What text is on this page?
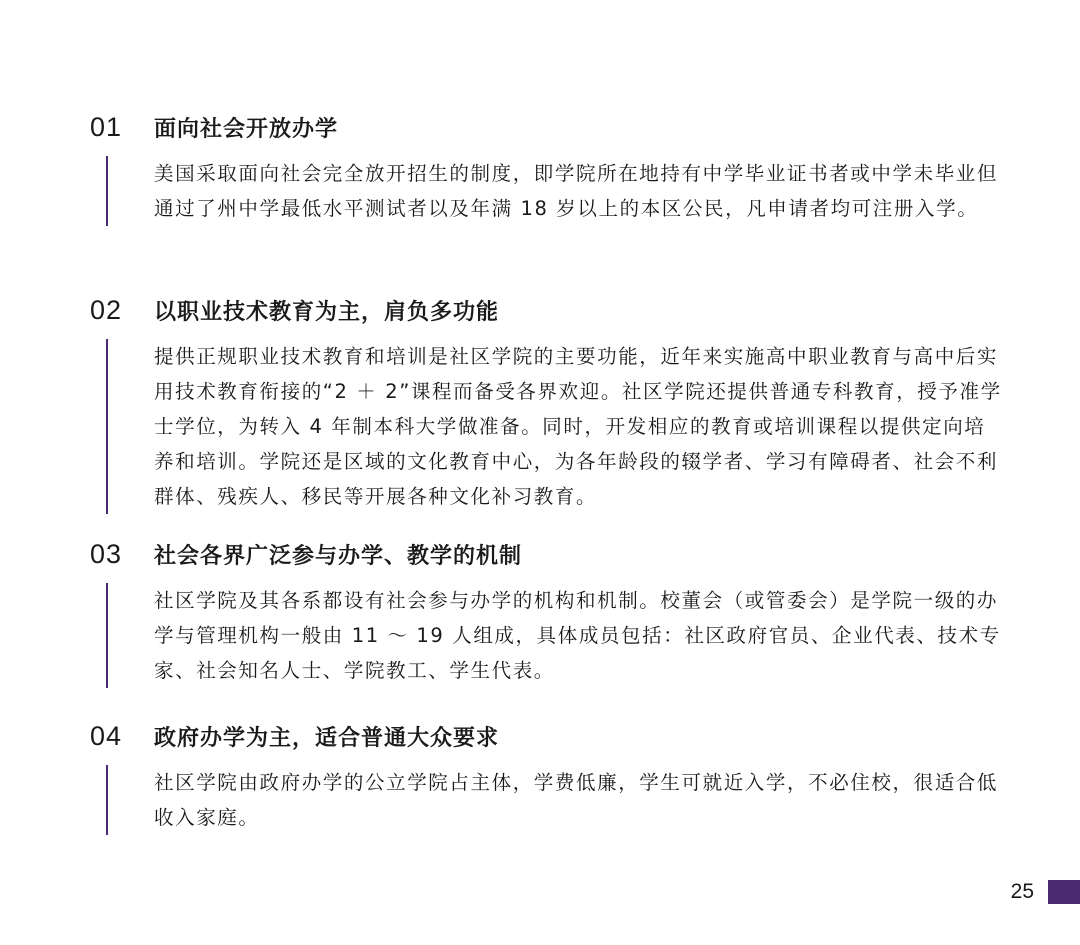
01	面向社会开放办学

美国采取面向社会完全放开招生的制度，即学院所在地持有中学毕业证书者或中学未毕业但通过了州中学最低水平测试者以及年满 18 岁以上的本区公民，凡申请者均可注册入学。

02	以职业技术教育为主，肩负多功能

提供正规职业技术教育和培训是社区学院的主要功能，近年来实施高中职业教育与高中后实用技术教育衔接的“2 ＋ 2”课程而备受各界欢迎。社区学院还提供普通专科教育，授予准学士学位，为转入 4 年制本科大学做准备。同时，开发相应的教育或培训课程以提供定向培养和培训。学院还是区域的文化教育中心，为各年龄段的辍学者、学习有障碍者、社会不利群体、残疾人、移民等开展各种文化补习教育。

03	社会各界广泛参与办学、教学的机制

社区学院及其各系都设有社会参与办学的机构和机制。校董会（或管委会）是学院一级的办学与管理机构一般由 11 ～ 19 人组成，具体成员包括：社区政府官员、企业代表、技术专家、社会知名人士、学院教工、学生代表。

04	政府办学为主，适合普通大众要求

社区学院由政府办学的公立学院占主体，学费低廉，学生可就近入学，不必住校，很适合低收入家庭。

25
